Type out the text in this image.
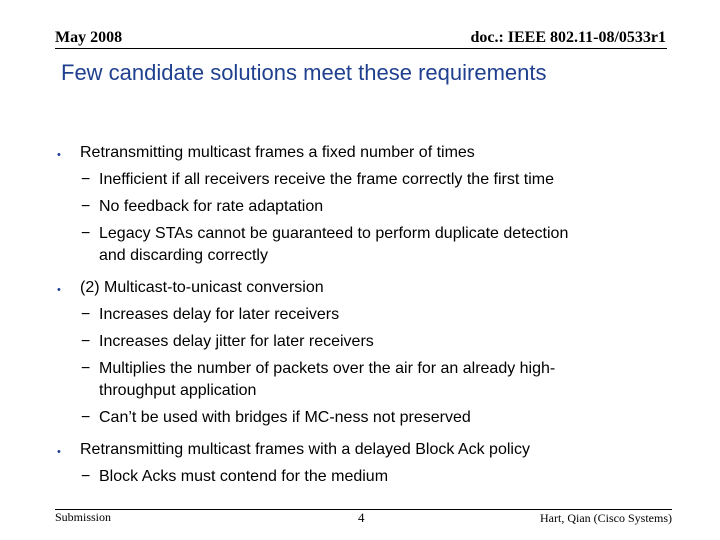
May 2008	doc.: IEEE 802.11-08/0533r1
Few candidate solutions meet these requirements
• Retransmitting multicast frames a fixed number of times
− Inefficient if all receivers receive the frame correctly the first time
− No feedback for rate adaptation
− Legacy STAs cannot be guaranteed to perform duplicate detection
and discarding correctly
• (2) Multicast-to-unicast conversion
− Increases delay for later receivers
− Increases delay jitter for later receivers
− Multiplies the number of packets over the air for an already high-
throughput application
− Can’t be used with bridges if MC-ness not preserved
• Retransmitting multicast frames with a delayed Block Ack policy
− Block Acks must contend for the medium
Submission	4	Hart, Qian (Cisco Systems)
